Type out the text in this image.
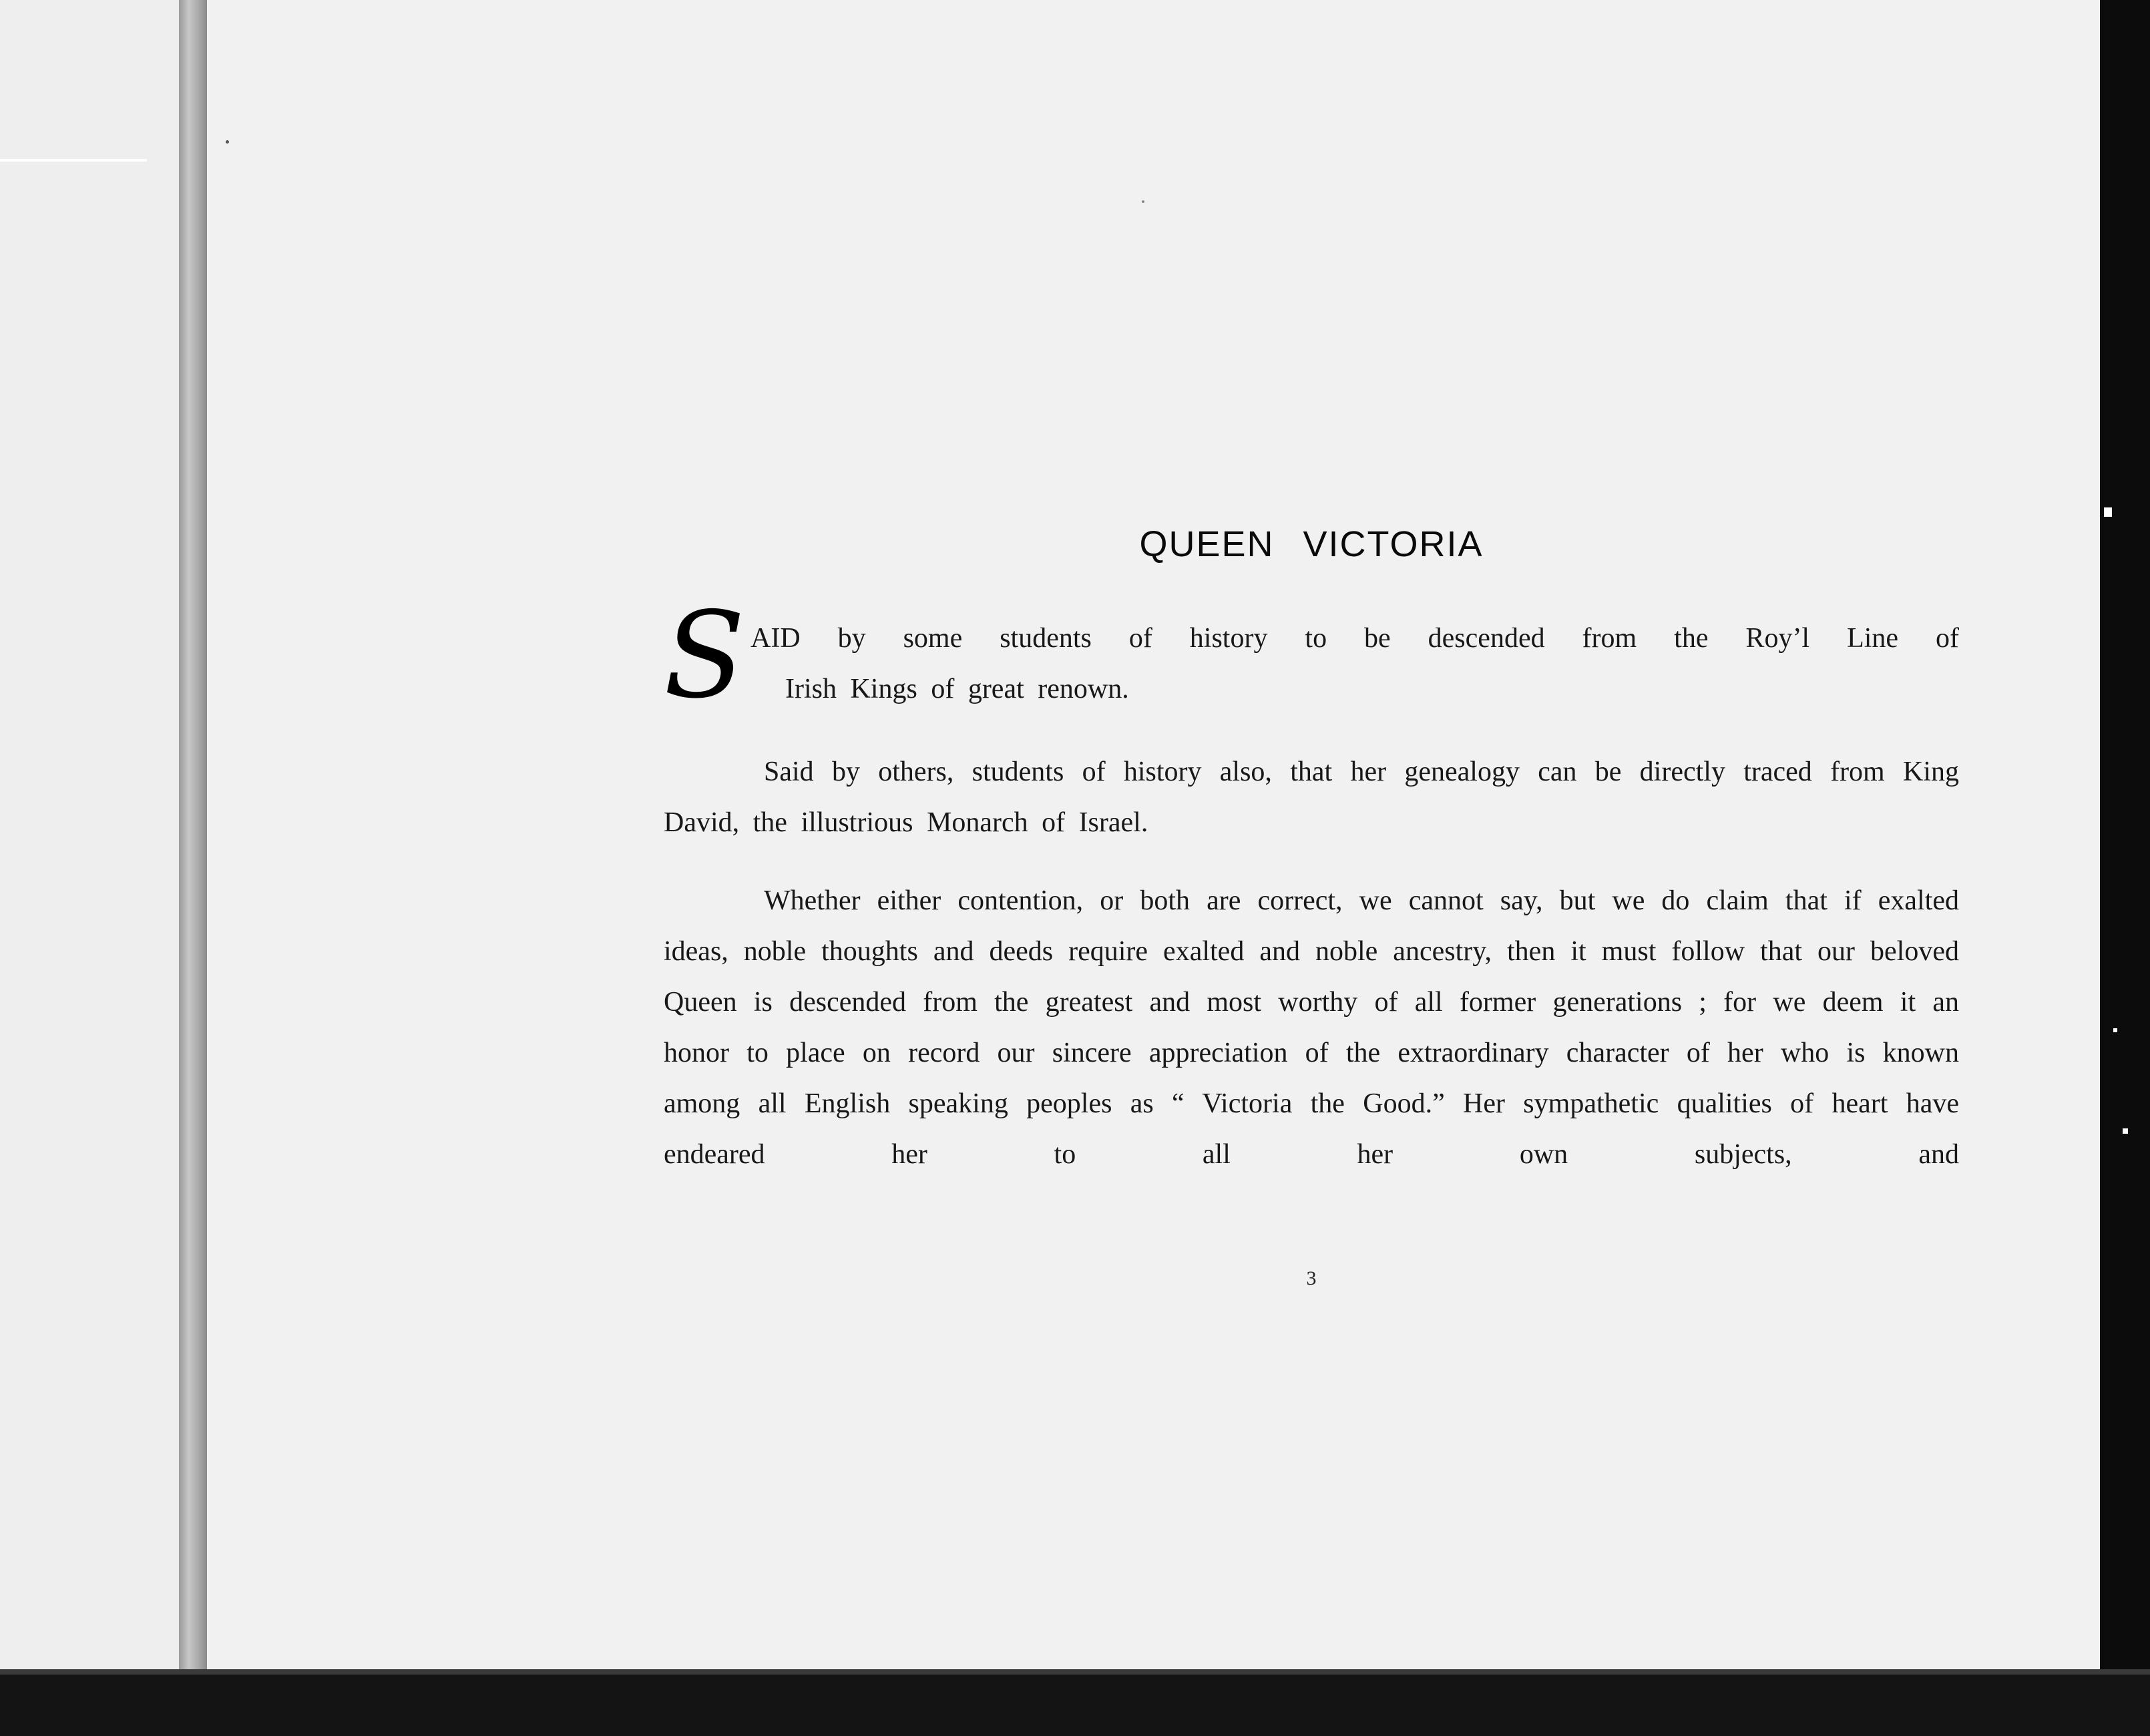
QUEEN VICTORIA
S AID by some students of history to be descended from the Roy’l Line of
Irish Kings of great renown.

Said by others, students of history also, that her genealogy can be directly traced from King David, the illustrious Monarch of Israel.

Whether either contention, or both are correct, we cannot say, but we do claim that if exalted ideas, noble thoughts and deeds require exalted and noble ancestry, then it must follow that our beloved Queen is descended from the greatest and most worthy of all former generations ; for we deem it an honor to place on record our sincere appreciation of the extraordinary character of her who is known among all English speaking peoples as “ Victoria the Good.” Her sympathetic qualities of heart have endeared her to all her own subjects, and

3
